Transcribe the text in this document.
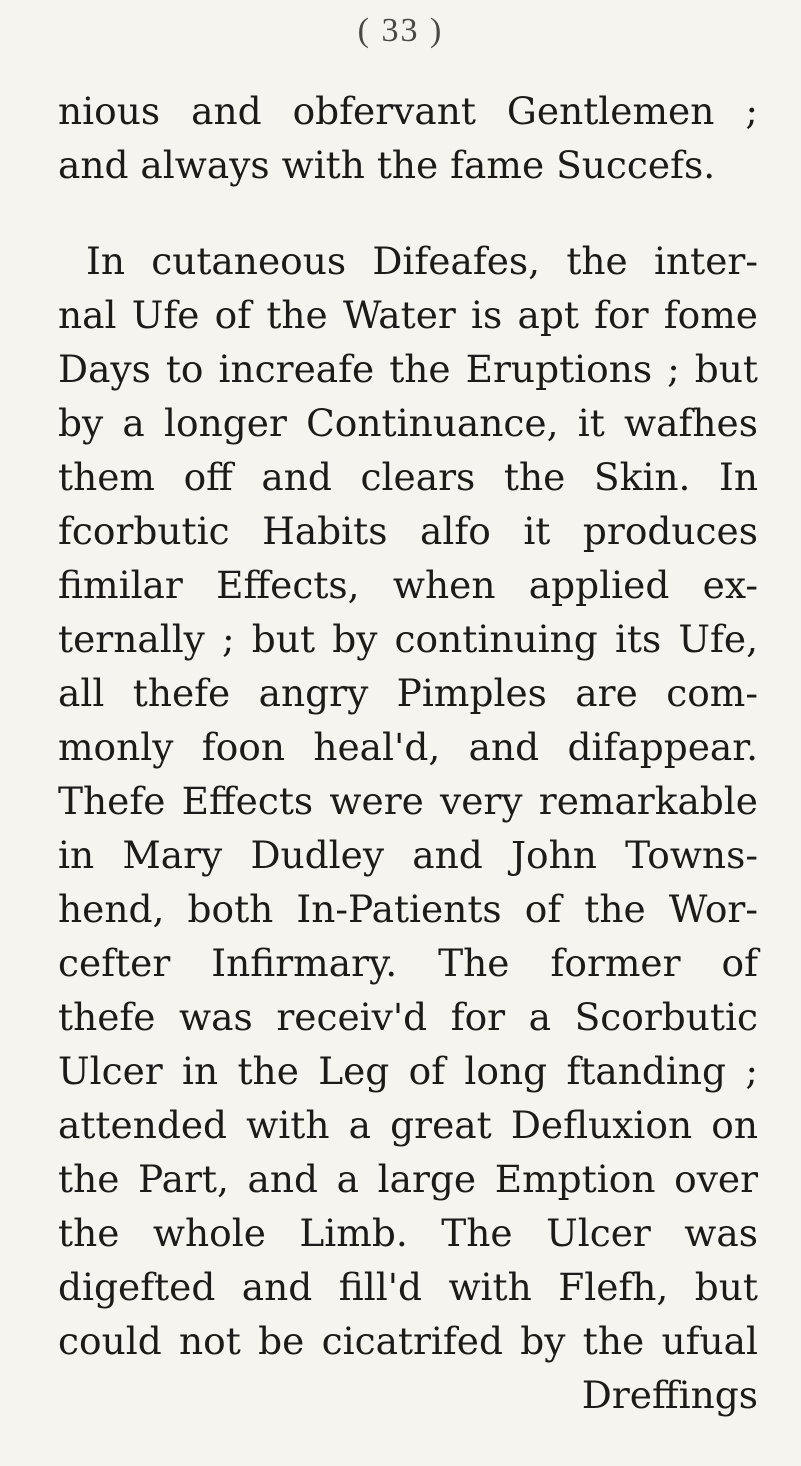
( 33 )
nious and obfervant Gentlemen ;
and always with the fame Succefs.
In cutaneous Difeafes, the inter-
nal Ufe of the Water is apt for fome
Days to increafe the Eruptions ; but
by a longer Continuance, it wafhes
them off and clears the Skin. In
fcorbutic Habits alfo it produces
fimilar Effects, when applied ex-
ternally ; but by continuing its Ufe,
all thefe angry Pimples are com-
monly foon heal'd, and difappear.
Thefe Effects were very remarkable
in Mary Dudley and John Towns-
hend, both In-Patients of the Wor-
cefter Infirmary. The former of
thefe was receiv'd for a Scorbutic
Ulcer in the Leg of long ftanding ;
attended with a great Defluxion on
the Part, and a large Emption over
the whole Limb. The Ulcer was
digefted and fill'd with Flefh, but
could not be cicatrifed by the ufual
Dreffings
